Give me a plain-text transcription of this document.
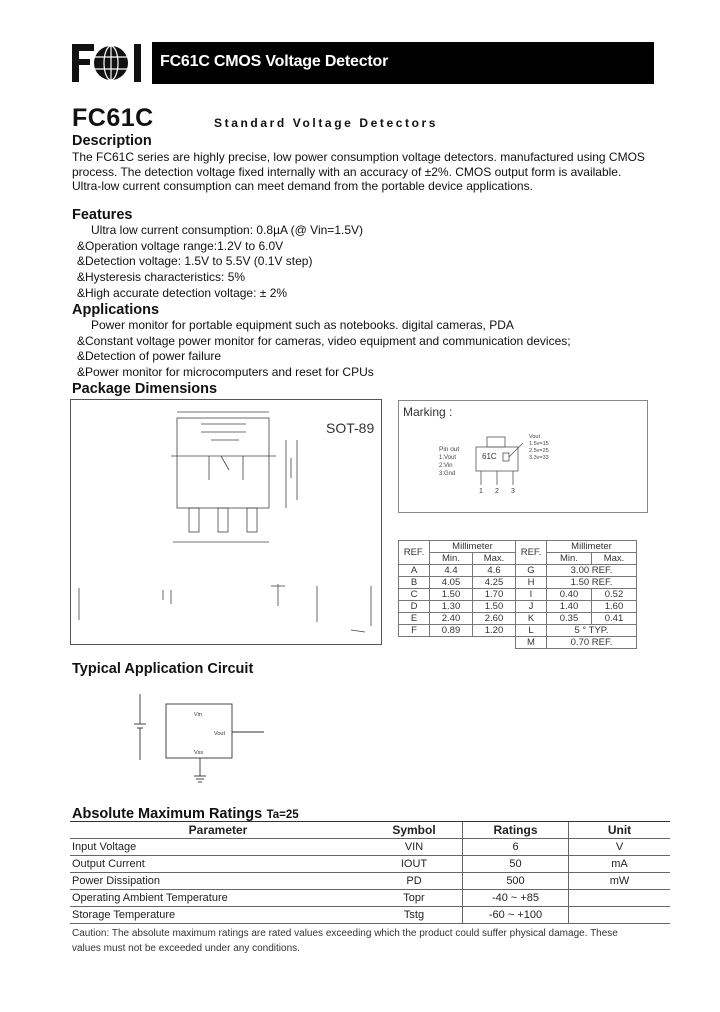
FCI
FC61C CMOS Voltage Detector
FC61C	Standard Voltage Detectors
Description
The FC61C series are highly precise, low power consumption voltage detectors. manufactured using CMOS
process. The detection voltage fixed internally with an accuracy of ±2%. CMOS output form is available.
Ultra-low current consumption can meet demand from the portable device applications.
Features
Ultra low current consumption: 0.8µA (@ Vin=1.5V)
&Operation voltage range:1.2V to 6.0V
&Detection voltage: 1.5V to 5.5V (0.1V step)
&Hysteresis characteristics: 5%
&High accurate detection voltage: ± 2%
Applications
Power monitor for portable equipment such as notebooks. digital cameras, PDA
&Constant voltage power monitor for cameras, video equipment and communication devices;
&Detection of power failure
&Power monitor for microcomputers and reset for CPUs
Package Dimensions
SOT-89
Marking :
61C
Pin out
1:Vout
2:Vin
3:Gnd
Vout
1.5v=15
2.5v=25
3.3v=33
1 2 3
REF.	Millimeter		REF.	Millimeter	
	Min.	Max.		Min.	Max.
A	4.4	4.6	G	3.00 REF.	
B	4.05	4.25	H	1.50 REF.	
C	1.50	1.70	I	0.40	0.52
D	1.30	1.50	J	1.40	1.60
E	2.40	2.60	K	0.35	0.41
F	0.89	1.20	L	5 ° TYP.	
			M	0.70 REF.	
Typical Application Circuit
Vin
Vout
Vss
Absolute Maximum Ratings Ta=25
Parameter	Symbol	Ratings	Unit
Input Voltage	VIN	6	V
Output Current	IOUT	50	mA
Power Dissipation	PD	500	mW
Operating Ambient Temperature	Topr	-40 ~ +85	
Storage Temperature	Tstg	-60 ~ +100	
Caution: The absolute maximum ratings are rated values exceeding which the product could suffer physical damage. These
values must not be exceeded under any conditions.
